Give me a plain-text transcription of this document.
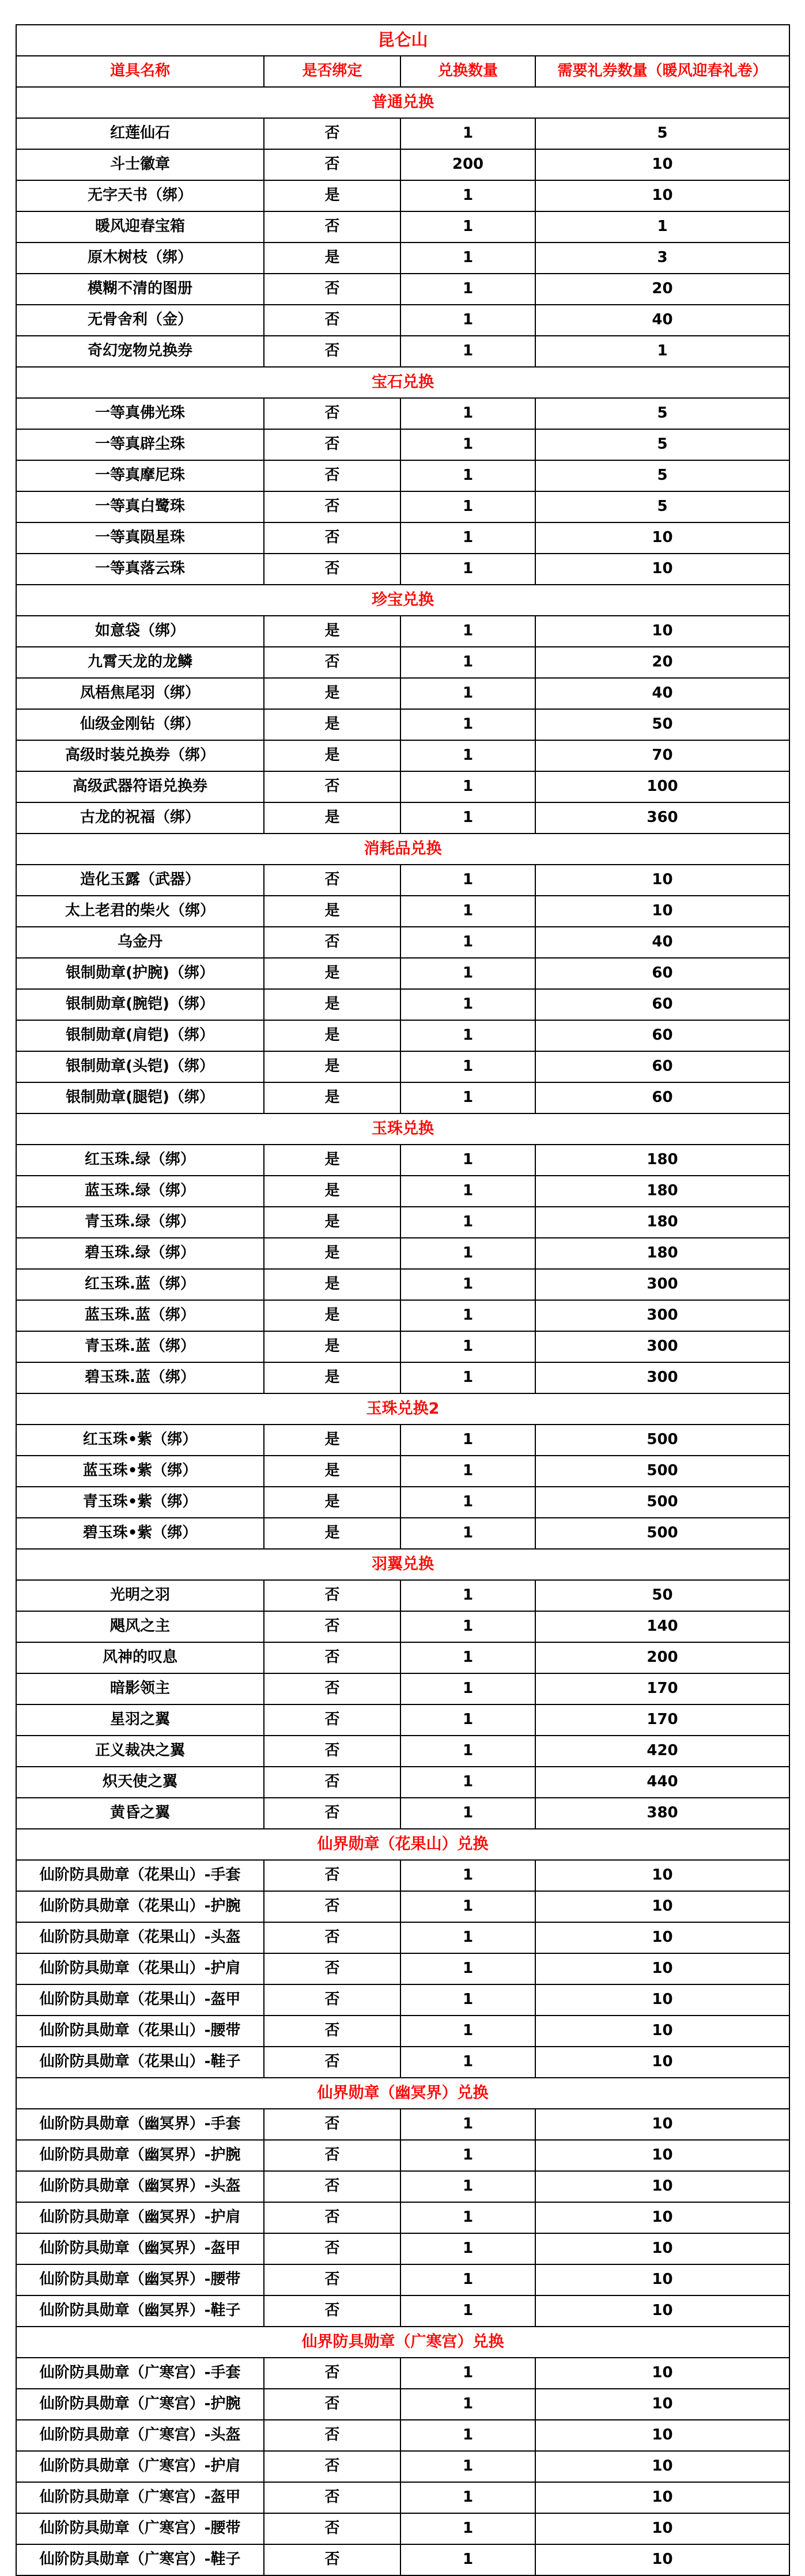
昆仑山			
道具名称	是否绑定	兑换数量	需要礼券数量（暖风迎春礼卷）
普通兑换			
红莲仙石	否	1	5
斗士徽章	否	200	10
无字天书（绑）	是	1	10
暖风迎春宝箱	否	1	1
原木树枝（绑）	是	1	3
模糊不清的图册	否	1	20
无骨舍利（金）	否	1	40
奇幻宠物兑换券	否	1	1
宝石兑换			
一等真佛光珠	否	1	5
一等真辟尘珠	否	1	5
一等真摩尼珠	否	1	5
一等真白鹭珠	否	1	5
一等真陨星珠	否	1	10
一等真落云珠	否	1	10
珍宝兑换			
如意袋（绑）	是	1	10
九霄天龙的龙鳞	否	1	20
凤梧焦尾羽（绑）	是	1	40
仙级金刚钻（绑）	是	1	50
高级时装兑换券（绑）	是	1	70
高级武器符语兑换券	否	1	100
古龙的祝福（绑）	是	1	360
消耗品兑换			
造化玉露（武器）	否	1	10
太上老君的柴火（绑）	是	1	10
乌金丹	否	1	40
银制勋章(护腕)（绑）	是	1	60
银制勋章(腕铠)（绑）	是	1	60
银制勋章(肩铠)（绑）	是	1	60
银制勋章(头铠)（绑）	是	1	60
银制勋章(腿铠)（绑）	是	1	60
玉珠兑换			
红玉珠.绿（绑）	是	1	180
蓝玉珠.绿（绑）	是	1	180
青玉珠.绿（绑）	是	1	180
碧玉珠.绿（绑）	是	1	180
红玉珠.蓝（绑）	是	1	300
蓝玉珠.蓝（绑）	是	1	300
青玉珠.蓝（绑）	是	1	300
碧玉珠.蓝（绑）	是	1	300
玉珠兑换2			
红玉珠•紫（绑）	是	1	500
蓝玉珠•紫（绑）	是	1	500
青玉珠•紫（绑）	是	1	500
碧玉珠•紫（绑）	是	1	500
羽翼兑换			
光明之羽	否	1	50
飓风之主	否	1	140
风神的叹息	否	1	200
暗影领主	否	1	170
星羽之翼	否	1	170
正义裁决之翼	否	1	420
炽天使之翼	否	1	440
黄昏之翼	否	1	380
仙界勋章（花果山）兑换			
仙阶防具勋章（花果山）-手套	否	1	10
仙阶防具勋章（花果山）-护腕	否	1	10
仙阶防具勋章（花果山）-头盔	否	1	10
仙阶防具勋章（花果山）-护肩	否	1	10
仙阶防具勋章（花果山）-盔甲	否	1	10
仙阶防具勋章（花果山）-腰带	否	1	10
仙阶防具勋章（花果山）-鞋子	否	1	10
仙界勋章（幽冥界）兑换			
仙阶防具勋章（幽冥界）-手套	否	1	10
仙阶防具勋章（幽冥界）-护腕	否	1	10
仙阶防具勋章（幽冥界）-头盔	否	1	10
仙阶防具勋章（幽冥界）-护肩	否	1	10
仙阶防具勋章（幽冥界）-盔甲	否	1	10
仙阶防具勋章（幽冥界）-腰带	否	1	10
仙阶防具勋章（幽冥界）-鞋子	否	1	10
仙界防具勋章（广寒宫）兑换			
仙阶防具勋章（广寒宫）-手套	否	1	10
仙阶防具勋章（广寒宫）-护腕	否	1	10
仙阶防具勋章（广寒宫）-头盔	否	1	10
仙阶防具勋章（广寒宫）-护肩	否	1	10
仙阶防具勋章（广寒宫）-盔甲	否	1	10
仙阶防具勋章（广寒宫）-腰带	否	1	10
仙阶防具勋章（广寒宫）-鞋子	否	1	10
